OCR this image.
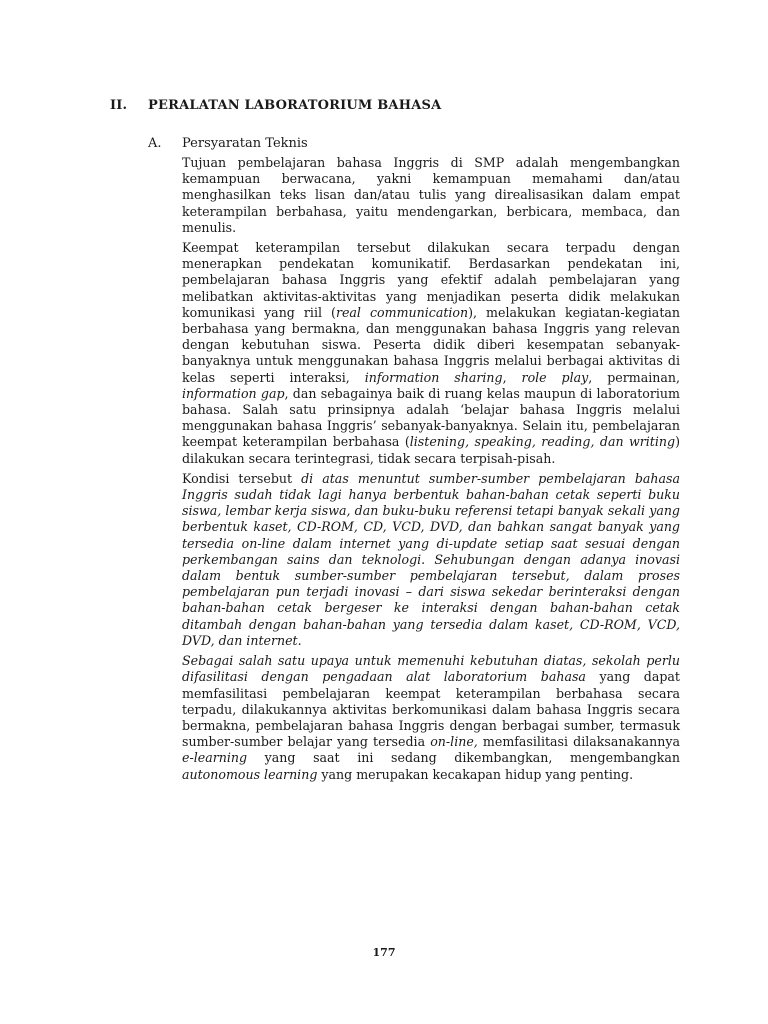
II. PERALATAN LABORATORIUM BAHASA
A. Persyaratan Teknis

Tujuan pembelajaran bahasa Inggris di SMP adalah mengembangkan kemampuan berwacana, yakni kemampuan memahami dan/atau menghasilkan teks lisan dan/atau tulis yang direalisasikan dalam empat keterampilan berbahasa, yaitu mendengarkan, berbicara, membaca, dan menulis.

Keempat keterampilan tersebut dilakukan secara terpadu dengan menerapkan pendekatan komunikatif. Berdasarkan pendekatan ini, pembelajaran bahasa Inggris yang efektif adalah pembelajaran yang melibatkan aktivitas-aktivitas yang menjadikan peserta didik melakukan komunikasi yang riil (real communication), melakukan kegiatan-kegiatan berbahasa yang bermakna, dan menggunakan bahasa Inggris yang relevan dengan kebutuhan siswa. Peserta didik diberi kesempatan sebanyak-banyaknya untuk menggunakan bahasa Inggris melalui berbagai aktivitas di kelas seperti interaksi, information sharing, role play, permainan, information gap, dan sebagainya baik di ruang kelas maupun di laboratorium bahasa. Salah satu prinsipnya adalah ‘belajar bahasa Inggris melalui menggunakan bahasa Inggris’ sebanyak-banyaknya. Selain itu, pembelajaran keempat keterampilan berbahasa (listening, speaking, reading, dan writing) dilakukan secara terintegrasi, tidak secara terpisah-pisah.

Kondisi tersebut di atas menuntut sumber-sumber pembelajaran bahasa Inggris sudah tidak lagi hanya berbentuk bahan-bahan cetak seperti buku siswa, lembar kerja siswa, dan buku-buku referensi tetapi banyak sekali yang berbentuk kaset, CD-ROM, CD, VCD, DVD, dan bahkan sangat banyak yang tersedia on-line dalam internet yang di-update setiap saat sesuai dengan perkembangan sains dan teknologi. Sehubungan dengan adanya inovasi dalam bentuk sumber-sumber pembelajaran tersebut, dalam proses pembelajaran pun terjadi inovasi – dari siswa sekedar berinteraksi dengan bahan-bahan cetak bergeser ke interaksi dengan bahan-bahan cetak ditambah dengan bahan-bahan yang tersedia dalam kaset, CD-ROM, VCD, DVD, dan internet.

Sebagai salah satu upaya untuk memenuhi kebutuhan diatas, sekolah perlu difasilitasi dengan pengadaan alat laboratorium bahasa yang dapat memfasilitasi pembelajaran keempat keterampilan berbahasa secara terpadu, dilakukannya aktivitas berkomunikasi dalam bahasa Inggris secara bermakna, pembelajaran bahasa Inggris dengan berbagai sumber, termasuk sumber-sumber belajar yang tersedia on-line, memfasilitasi dilaksanakannya e-learning yang saat ini sedang dikembangkan, mengembangkan autonomous learning yang merupakan kecakapan hidup yang penting.

177
